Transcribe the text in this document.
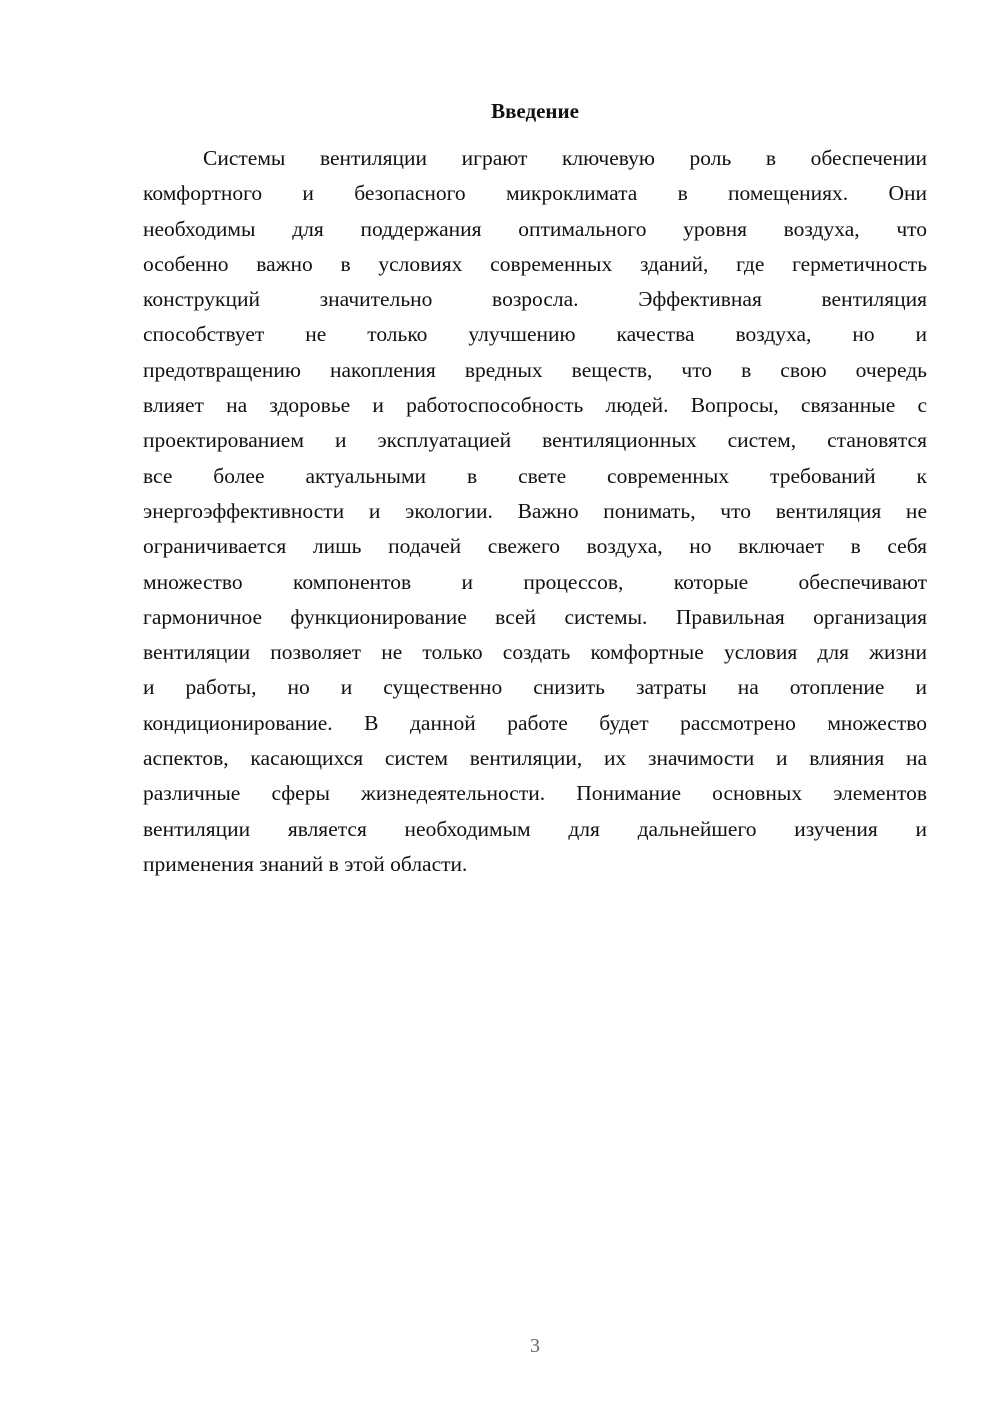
Введение
Системы вентиляции играют ключевую роль в обеспечении
комфортного и безопасного микроклимата в помещениях. Они
необходимы для поддержания оптимального уровня воздуха, что
особенно важно в условиях современных зданий, где герметичность
конструкций значительно возросла. Эффективная вентиляция
способствует не только улучшению качества воздуха, но и
предотвращению накопления вредных веществ, что в свою очередь
влияет на здоровье и работоспособность людей. Вопросы, связанные с
проектированием и эксплуатацией вентиляционных систем, становятся
все более актуальными в свете современных требований к
энергоэффективности и экологии. Важно понимать, что вентиляция не
ограничивается лишь подачей свежего воздуха, но включает в себя
множество компонентов и процессов, которые обеспечивают
гармоничное функционирование всей системы. Правильная организация
вентиляции позволяет не только создать комфортные условия для жизни
и работы, но и существенно снизить затраты на отопление и
кондиционирование. В данной работе будет рассмотрено множество
аспектов, касающихся систем вентиляции, их значимости и влияния на
различные сферы жизнедеятельности. Понимание основных элементов
вентиляции является необходимым для дальнейшего изучения и
применения знаний в этой области.
3
